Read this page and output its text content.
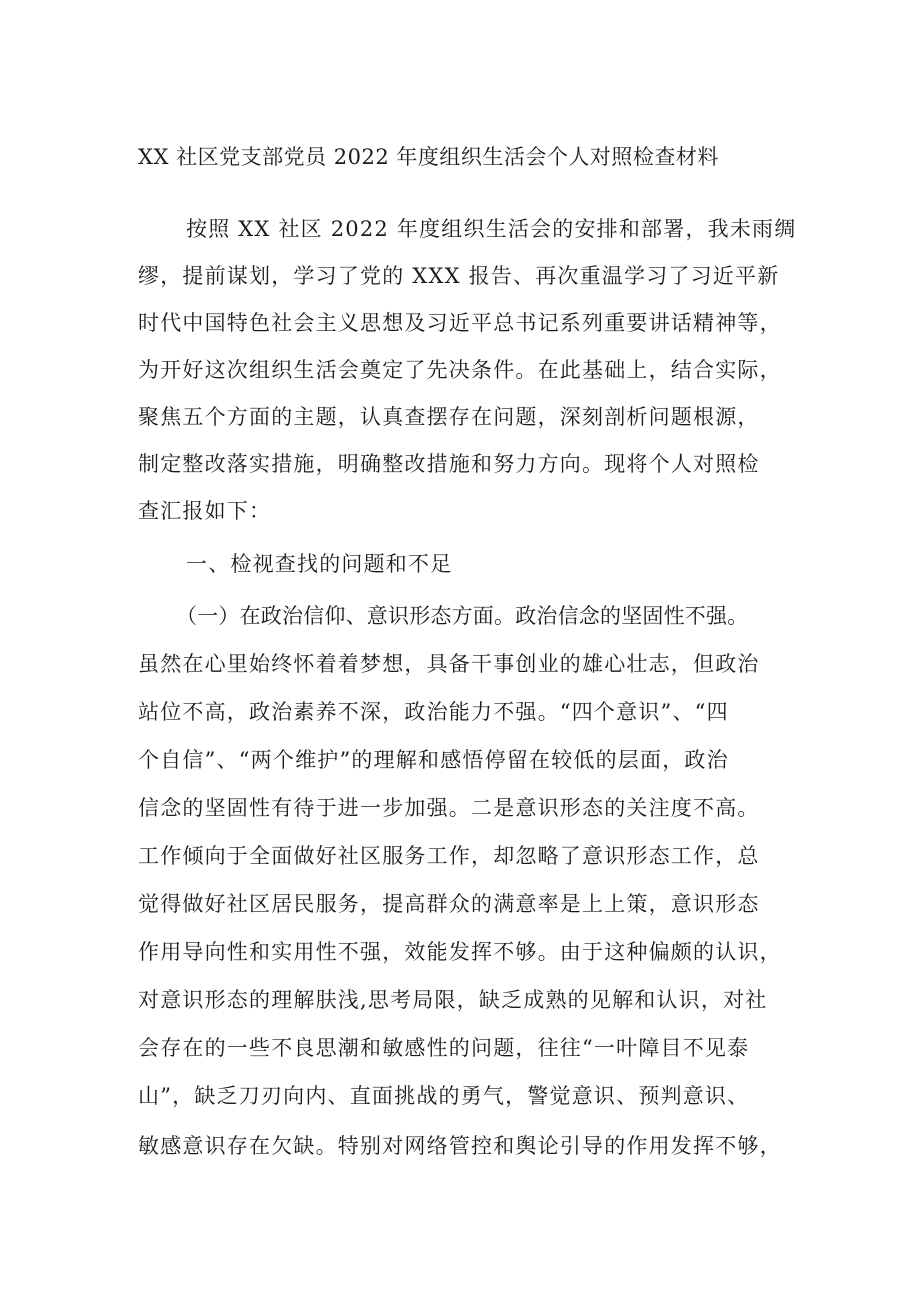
XX 社区党支部党员 2022 年度组织生活会个人对照检查材料
按照 XX 社区 2022 年度组织生活会的安排和部署，我未雨绸
缪，提前谋划，学习了党的 XXX 报告、再次重温学习了习近平新
时代中国特色社会主义思想及习近平总书记系列重要讲话精神等，
为开好这次组织生活会奠定了先决条件。在此基础上，结合实际，
聚焦五个方面的主题，认真查摆存在问题，深刻剖析问题根源，
制定整改落实措施，明确整改措施和努力方向。现将个人对照检
查汇报如下：
一、检视查找的问题和不足
（一）在政治信仰、意识形态方面。政治信念的坚固性不强。
虽然在心里始终怀着着梦想，具备干事创业的雄心壮志，但政治
站位不高，政治素养不深，政治能力不强。“四个意识”、“四
个自信”、“两个维护”的理解和感悟停留在较低的层面，政治
信念的坚固性有待于进一步加强。二是意识形态的关注度不高。
工作倾向于全面做好社区服务工作，却忽略了意识形态工作，总
觉得做好社区居民服务，提高群众的满意率是上上策，意识形态
作用导向性和实用性不强，效能发挥不够。由于这种偏颇的认识，
对意识形态的理解肤浅,思考局限，缺乏成熟的见解和认识，对社
会存在的一些不良思潮和敏感性的问题，往往“一叶障目不见泰
山”，缺乏刀刃向内、直面挑战的勇气，警觉意识、预判意识、
敏感意识存在欠缺。特别对网络管控和舆论引导的作用发挥不够，
